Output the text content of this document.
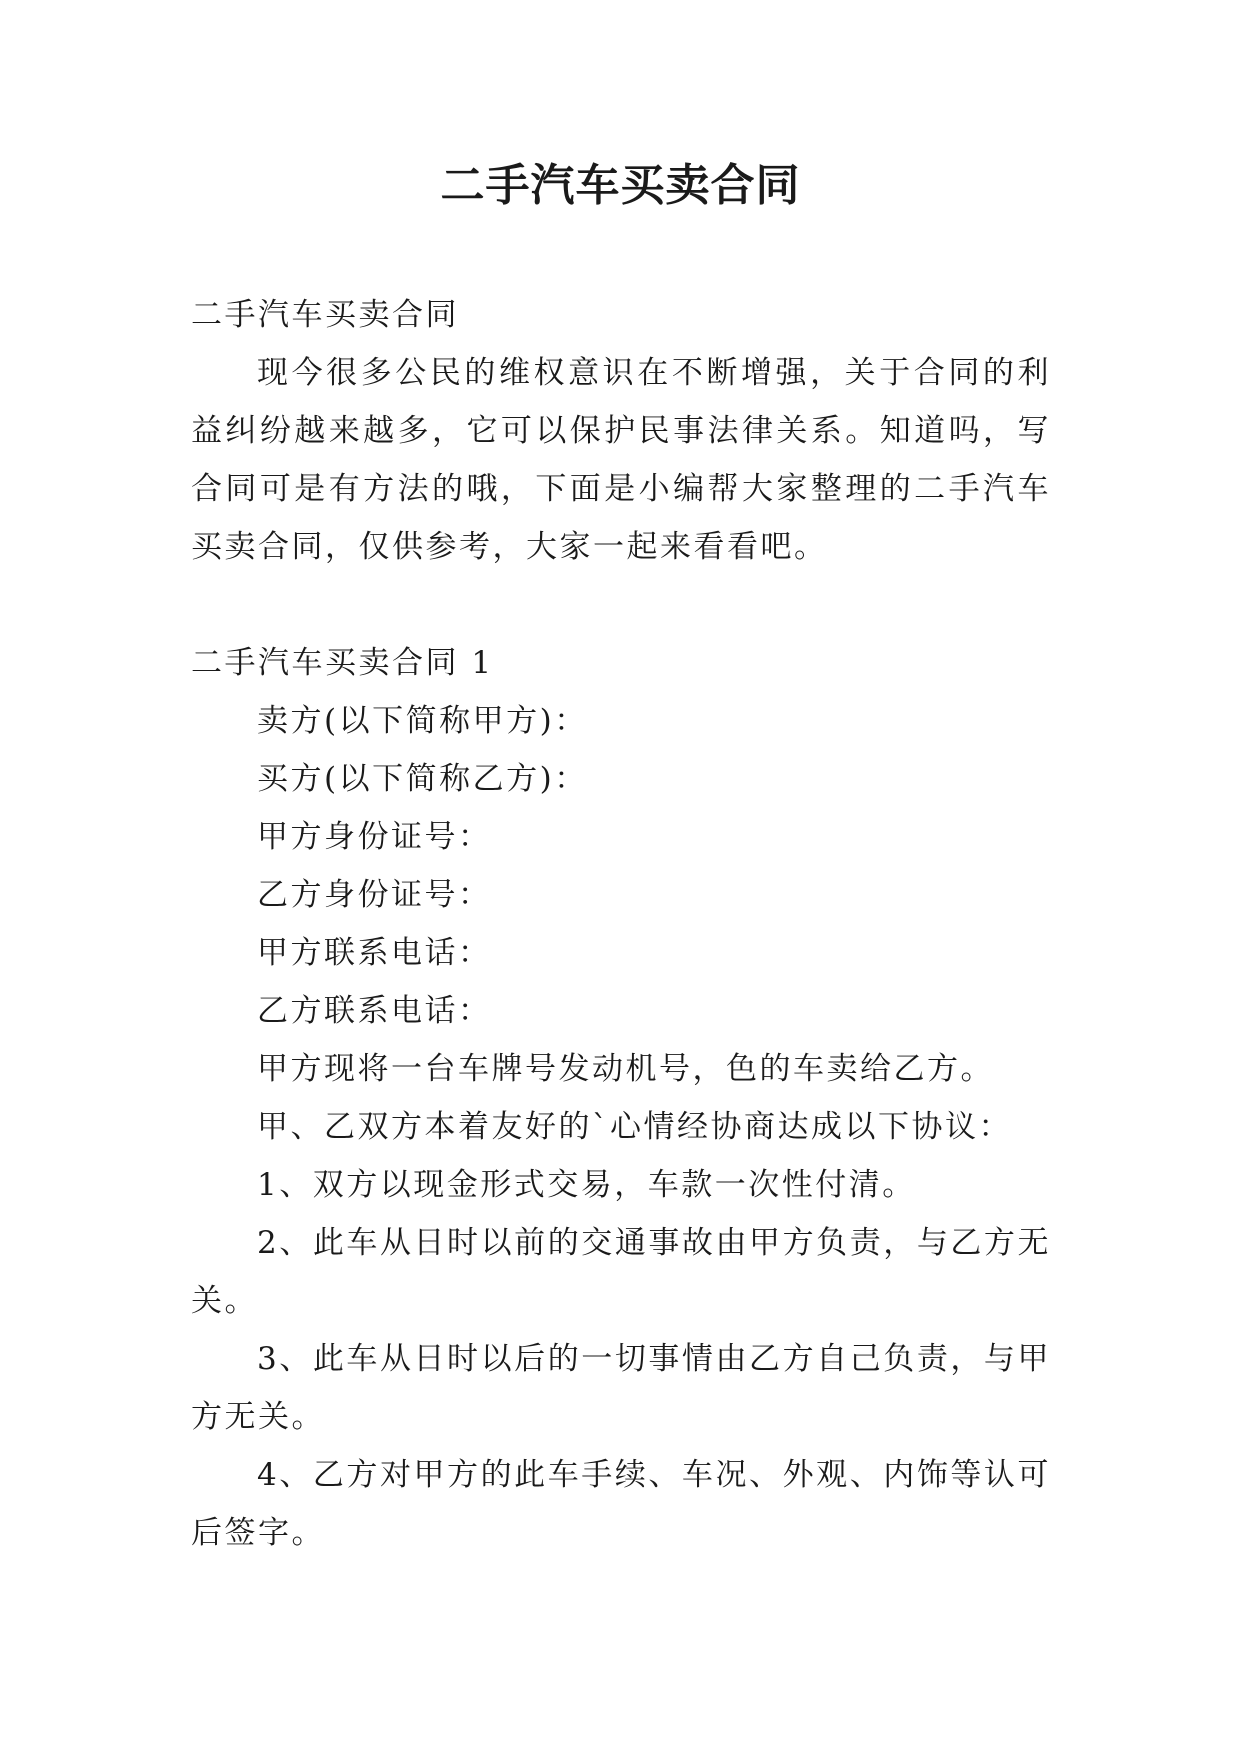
二手汽车买卖合同

二手汽车买卖合同

现今很多公民的维权意识在不断增强，关于合同的利益纠纷越来越多，它可以保护民事法律关系。知道吗，写合同可是有方法的哦，下面是小编帮大家整理的二手汽车买卖合同，仅供参考，大家一起来看看吧。

二手汽车买卖合同 1

卖方(以下简称甲方)：

买方(以下简称乙方)：

甲方身份证号：

乙方身份证号：

甲方联系电话：

乙方联系电话：

甲方现将一台车牌号发动机号，色的车卖给乙方。

甲、乙双方本着友好的`心情经协商达成以下协议：

1、双方以现金形式交易，车款一次性付清。

2、此车从日时以前的交通事故由甲方负责，与乙方无关。

3、此车从日时以后的一切事情由乙方自己负责，与甲方无关。

4、乙方对甲方的此车手续、车况、外观、内饰等认可后签字。
